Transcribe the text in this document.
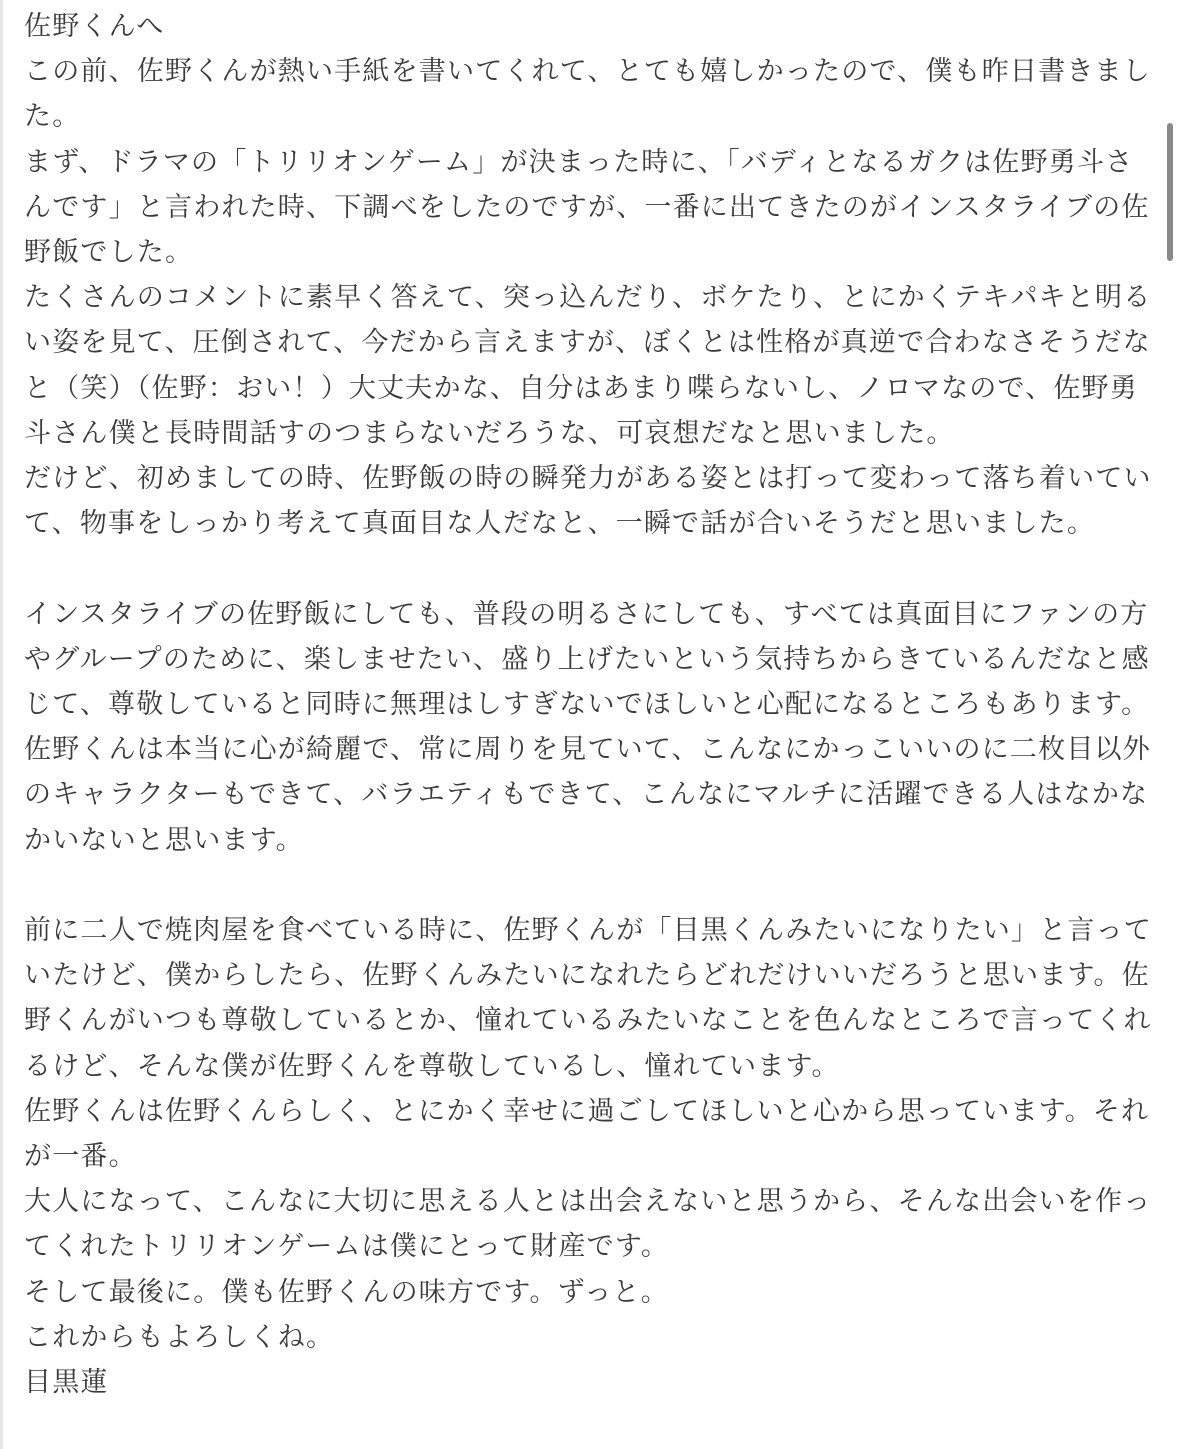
佐野くんへ
この前、佐野くんが熱い手紙を書いてくれて、とても嬉しかったので、僕も昨日書きました。
まず、ドラマの「トリリオンゲーム」が決まった時に、「バディとなるガクは佐野勇斗さんです」と言われた時、下調べをしたのですが、一番に出てきたのがインスタライブの佐野飯でした。
たくさんのコメントに素早く答えて、突っ込んだり、ボケたり、とにかくテキパキと明るい姿を見て、圧倒されて、今だから言えますが、ぼくとは性格が真逆で合わなさそうだなと（笑）（佐野：おい！）大丈夫かな、自分はあまり喋らないし、ノロマなので、佐野勇斗さん僕と長時間話すのつまらないだろうな、可哀想だなと思いました。
だけど、初めましての時、佐野飯の時の瞬発力がある姿とは打って変わって落ち着いていて、物事をしっかり考えて真面目な人だなと、一瞬で話が合いそうだと思いました。

インスタライブの佐野飯にしても、普段の明るさにしても、すべては真面目にファンの方やグループのために、楽しませたい、盛り上げたいという気持ちからきているんだなと感じて、尊敬していると同時に無理はしすぎないでほしいと心配になるところもあります。
佐野くんは本当に心が綺麗で、常に周りを見ていて、こんなにかっこいいのに二枚目以外のキャラクターもできて、バラエティもできて、こんなにマルチに活躍できる人はなかなかいないと思います。

前に二人で焼肉屋を食べている時に、佐野くんが「目黒くんみたいになりたい」と言っていたけど、僕からしたら、佐野くんみたいになれたらどれだけいいだろうと思います。佐野くんがいつも尊敬しているとか、憧れているみたいなことを色んなところで言ってくれるけど、そんな僕が佐野くんを尊敬しているし、憧れています。
佐野くんは佐野くんらしく、とにかく幸せに過ごしてほしいと心から思っています。それが一番。
大人になって、こんなに大切に思える人とは出会えないと思うから、そんな出会いを作ってくれたトリリオンゲームは僕にとって財産です。
そして最後に。僕も佐野くんの味方です。ずっと。
これからもよろしくね。
目黒蓮
